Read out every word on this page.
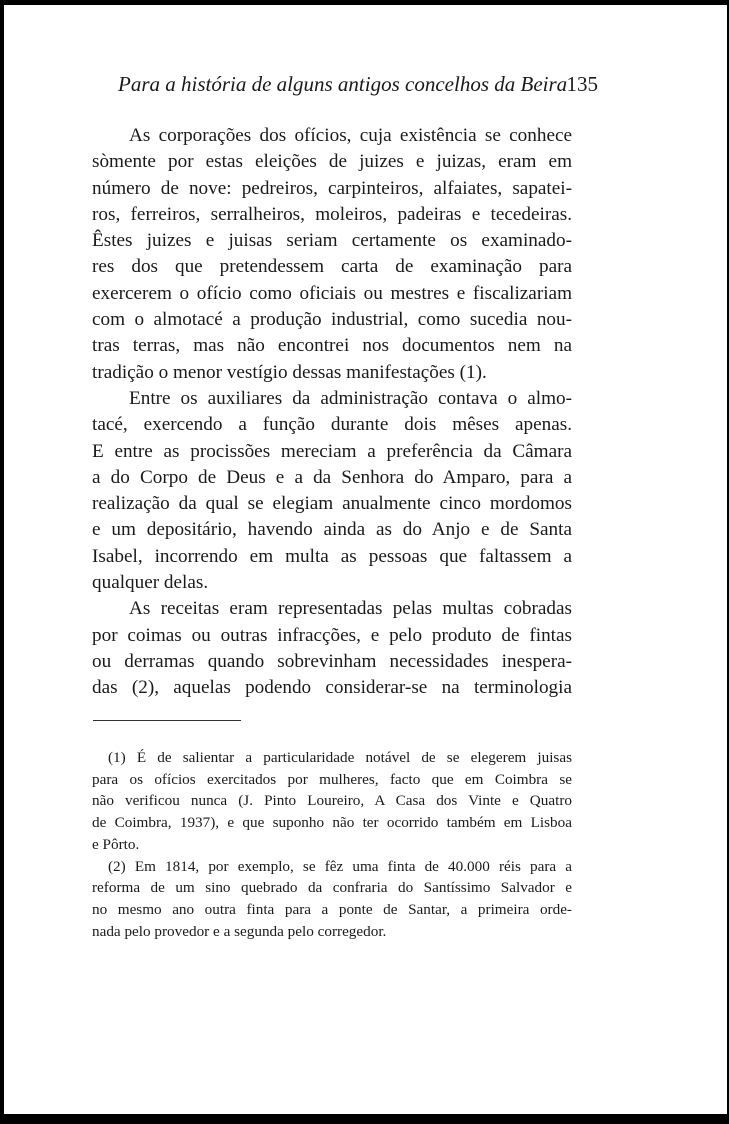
Para a história de alguns antigos concelhos da Beira 135
As corporações dos ofícios, cuja existência se conhece
sòmente por estas eleições de juizes e juizas, eram em
número de nove: pedreiros, carpinteiros, alfaiates, sapatei-
ros, ferreiros, serralheiros, moleiros, padeiras e tecedeiras.
Êstes juizes e juisas seriam certamente os examinado-
res dos que pretendessem carta de examinação para
exercerem o ofício como oficiais ou mestres e fiscalizariam
com o almotacé a produção industrial, como sucedia nou-
tras terras, mas não encontrei nos documentos nem na
tradição o menor vestígio dessas manifestações (1).
Entre os auxiliares da administração contava o almo-
tacé, exercendo a função durante dois mêses apenas.
E entre as procissões mereciam a preferência da Câmara
a do Corpo de Deus e a da Senhora do Amparo, para a
realização da qual se elegiam anualmente cinco mordomos
e um depositário, havendo ainda as do Anjo e de Santa
Isabel, incorrendo em multa as pessoas que faltassem a
qualquer delas.
As receitas eram representadas pelas multas cobradas
por coimas ou outras infracções, e pelo produto de fintas
ou derramas quando sobrevinham necessidades inespera-
das (2), aquelas podendo considerar-se na terminologia
(1) É de salientar a particularidade notável de se elegerem juisas
para os ofícios exercitados por mulheres, facto que em Coimbra se
não verificou nunca (J. Pinto Loureiro, A Casa dos Vinte e Quatro
de Coimbra, 1937), e que suponho não ter ocorrido também em Lisboa
e Pôrto.
(2) Em 1814, por exemplo, se fêz uma finta de 40.000 réis para a
reforma de um sino quebrado da confraria do Santíssimo Salvador e
no mesmo ano outra finta para a ponte de Santar, a primeira orde-
nada pelo provedor e a segunda pelo corregedor.
